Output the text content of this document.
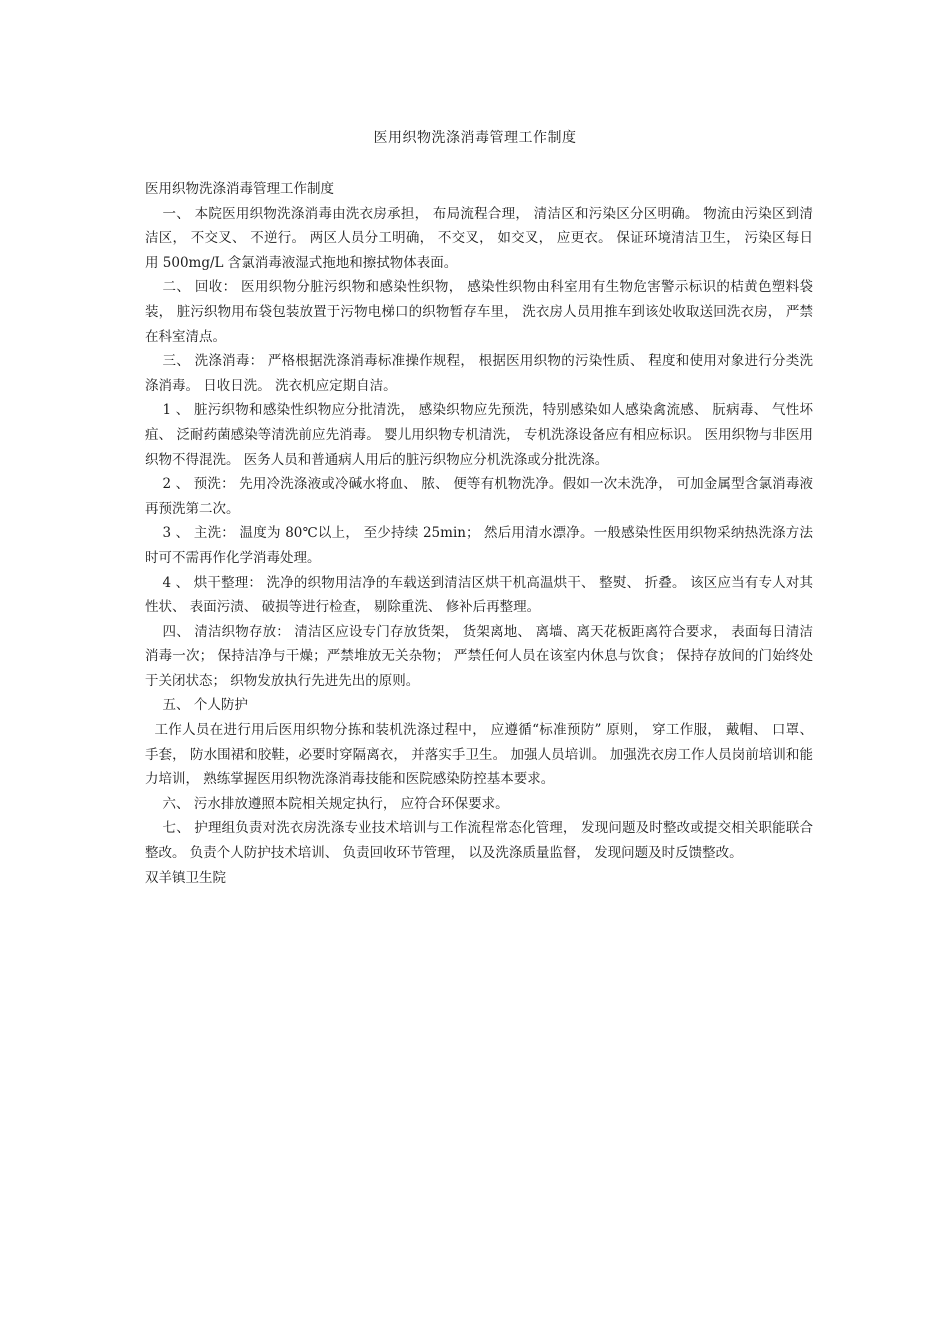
医用织物洗涤消毒管理工作制度

医用织物洗涤消毒管理工作制度

一、 本院医用织物洗涤消毒由洗衣房承担， 布局流程合理， 清洁区和污染区分区明确。 物流由污染区到清洁区， 不交叉、 不逆行。 两区人员分工明确， 不交叉， 如交叉， 应更衣。 保证环境清洁卫生， 污染区每日用 500mg/L 含氯消毒液湿式拖地和擦拭物体表面。

二、 回收： 医用织物分脏污织物和感染性织物， 感染性织物由科室用有生物危害警示标识的桔黄色塑料袋装， 脏污织物用布袋包装放置于污物电梯口的织物暂存车里， 洗衣房人员用推车到该处收取送回洗衣房， 严禁在科室清点。

三、 洗涤消毒： 严格根据洗涤消毒标准操作规程， 根据医用织物的污染性质、 程度和使用对象进行分类洗涤消毒。 日收日洗。 洗衣机应定期自洁。

1 、 脏污织物和感染性织物应分批清洗， 感染织物应先预洗，特别感染如人感染禽流感、 朊病毒、 气性坏疽、 泛耐药菌感染等清洗前应先消毒。 婴儿用织物专机清洗， 专机洗涤设备应有相应标识。 医用织物与非医用织物不得混洗。 医务人员和普通病人用后的脏污织物应分机洗涤或分批洗涤。

2 、 预洗： 先用冷洗涤液或冷碱水将血、 脓、 便等有机物洗净。假如一次未洗净， 可加金属型含氯消毒液再预洗第二次。

3 、 主洗： 温度为 80℃以上， 至少持续 25min； 然后用清水漂净。一般感染性医用织物采纳热洗涤方法时可不需再作化学消毒处理。

4 、 烘干整理： 洗净的织物用洁净的车载送到清洁区烘干机高温烘干、 整熨、 折叠。 该区应当有专人对其性状、 表面污渍、 破损等进行检查， 剔除重洗、 修补后再整理。

四、 清洁织物存放： 清洁区应设专门存放货架， 货架离地、 离墙、离天花板距离符合要求， 表面每日清洁消毒一次； 保持洁净与干燥；严禁堆放无关杂物； 严禁任何人员在该室内休息与饮食； 保持存放间的门始终处于关闭状态； 织物发放执行先进先出的原则。

五、 个人防护

工作人员在进行用后医用织物分拣和装机洗涤过程中， 应遵循“标准预防” 原则， 穿工作服， 戴帽、 口罩、 手套， 防水围裙和胶鞋，必要时穿隔离衣， 并落实手卫生。 加强人员培训。 加强洗衣房工作人员岗前培训和能力培训， 熟练掌握医用织物洗涤消毒技能和医院感染防控基本要求。

六、 污水排放遵照本院相关规定执行， 应符合环保要求。

七、 护理组负责对洗衣房洗涤专业技术培训与工作流程常态化管理， 发现问题及时整改或提交相关职能联合整改。 负责个人防护技术培训、 负责回收环节管理， 以及洗涤质量监督， 发现问题及时反馈整改。

双羊镇卫生院
